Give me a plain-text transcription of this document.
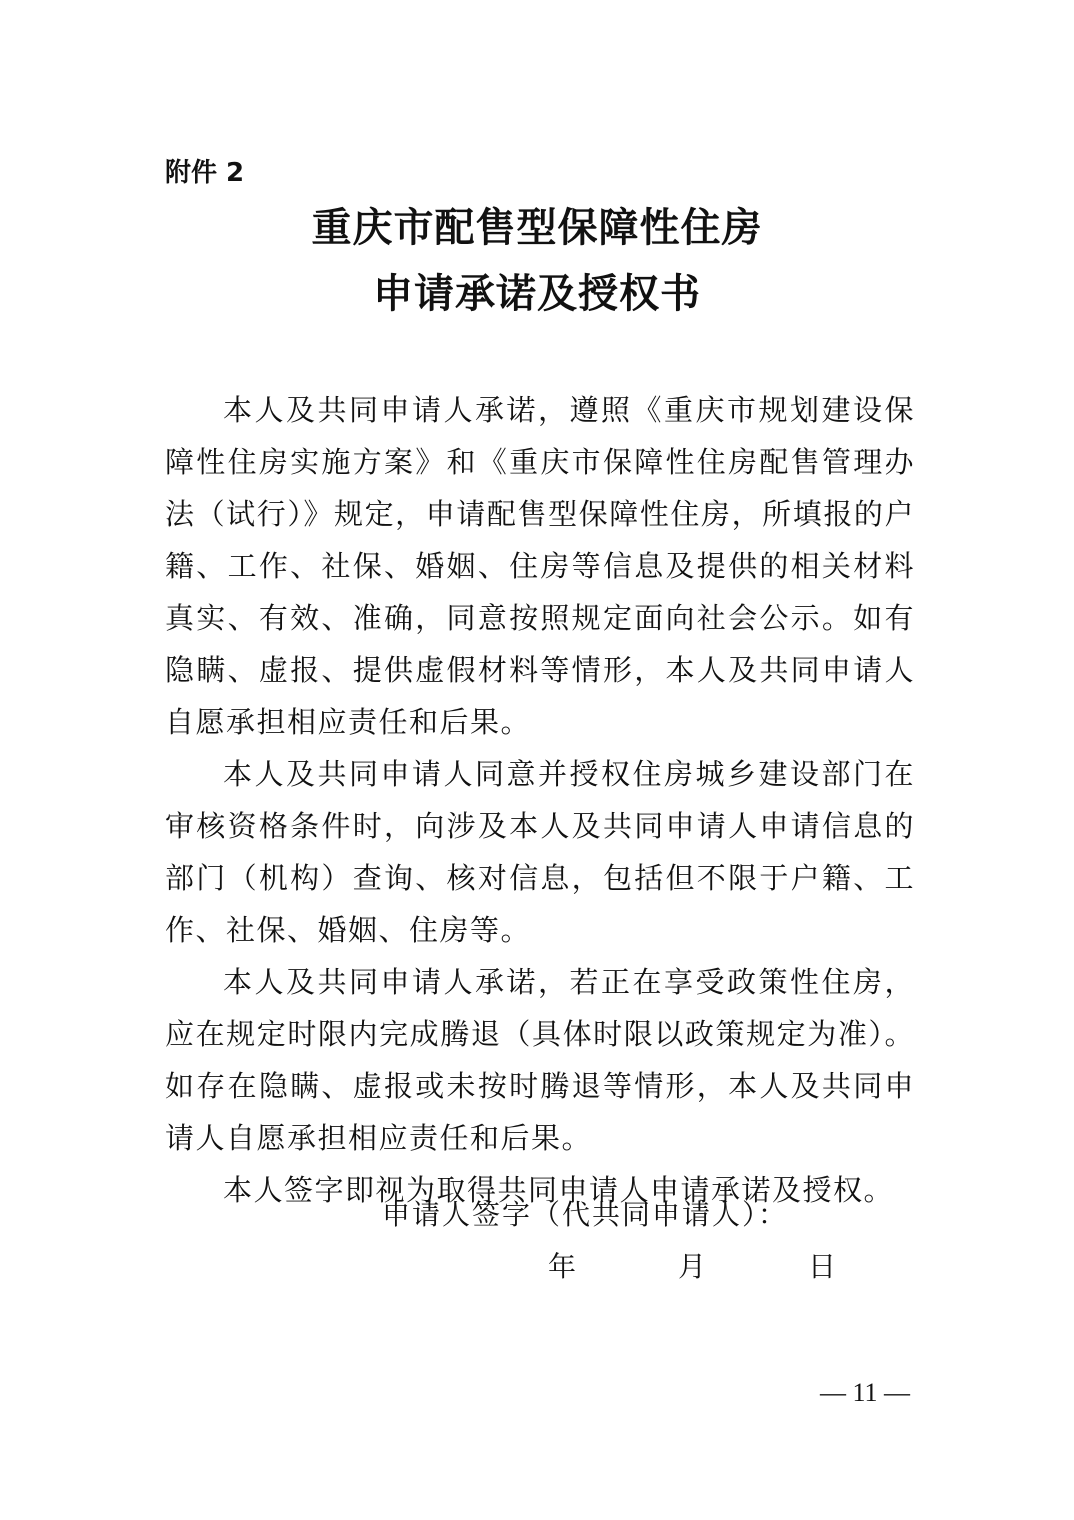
附件 2

重庆市配售型保障性住房
申请承诺及授权书

本人及共同申请人承诺，遵照《重庆市规划建设保障性住房实施方案》和《重庆市保障性住房配售管理办法（试行）》规定，申请配售型保障性住房，所填报的户籍、工作、社保、婚姻、住房等信息及提供的相关材料真实、有效、准确，同意按照规定面向社会公示。如有隐瞒、虚报、提供虚假材料等情形，本人及共同申请人自愿承担相应责任和后果。

本人及共同申请人同意并授权住房城乡建设部门在审核资格条件时，向涉及本人及共同申请人申请信息的部门（机构）查询、核对信息，包括但不限于户籍、工作、社保、婚姻、住房等。

本人及共同申请人承诺，若正在享受政策性住房，应在规定时限内完成腾退（具体时限以政策规定为准）。如存在隐瞒、虚报或未按时腾退等情形，本人及共同申请人自愿承担相应责任和后果。

本人签字即视为取得共同申请人申请承诺及授权。

申请人签字（代共同申请人）：

年	月	日

— 11 —
